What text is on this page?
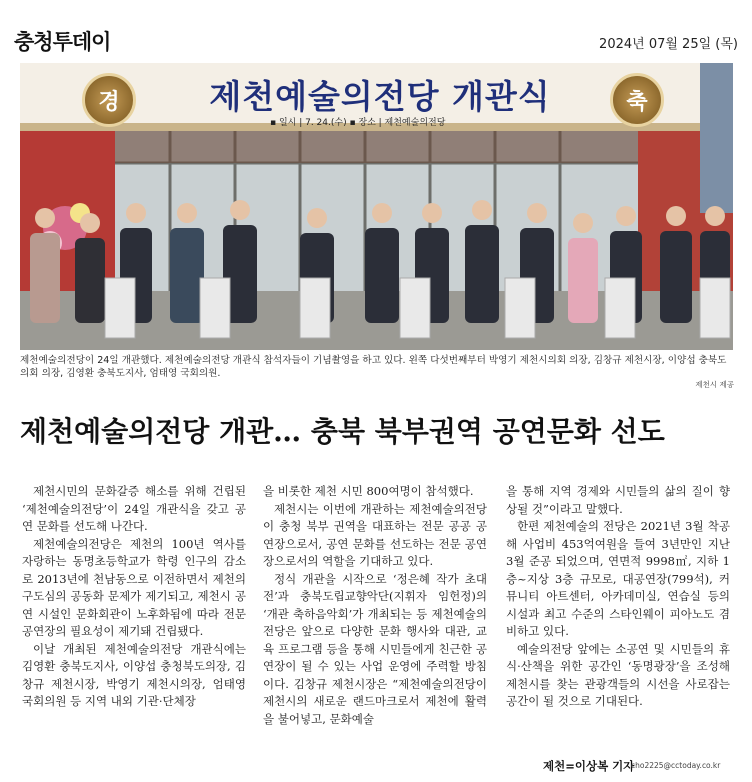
충청투데이	2024년 07월 25일 (목)
경	제천예술의전당 개관식
▪ 일시 | 7. 24.(수) ▪ 장소 | 제천예술의전당
축
제천예술의전당이 24일 개관했다. 제천예술의전당 개관식 참석자들이 기념촬영을 하고 있다. 왼쪽 다섯번째부터 박영기 제천시의회 의장, 김창규 제천시장, 이양섭 충북도의회 의장, 김영환 충북도지사, 엄태영 국회의원.
제천시 제공
제천예술의전당 개관… 충북 북부권역 공연문화 선도

제천시민의 문화갈증 해소를 위해 건립된 ‘제천예술의전당’이 24일 개관식을 갖고 공연 문화를 선도해 나간다.

제천예술의전당은 제천의 100년 역사를 자랑하는 동명초등학교가 학령 인구의 감소로 2013년에 천남동으로 이전하면서 제천의 구도심의 공동화 문제가 제기되고, 제천시 공연 시설인 문화회관이 노후화됨에 따라 전문 공연장의 필요성이 제기돼 건립됐다.

이날 개최된 제천예술의전당 개관식에는 김영환 충북도지사, 이양섭 충청북도의장, 김창규 제천시장, 박영기 제천시의장, 엄태영 국회의원 등 지역 내외 기관·단체장

을 비롯한 제천 시민 800여명이 참석했다.

제천시는 이번에 개관하는 제천예술의전당이 충청 북부 권역을 대표하는 전문 공공 공연장으로서, 공연 문화를 선도하는 전문 공연장으로서의 역할을 기대하고 있다.

정식 개관을 시작으로 ‘정은혜 작가 초대전’과 충북도립교향악단(지휘자 임헌정)의 ‘개관 축하음악회’가 개최되는 등 제천예술의전당은 앞으로 다양한 문화 행사와 대관, 교육 프로그램 등을 통해 시민들에게 친근한 공연장이 될 수 있는 사업 운영에 주력할 방침이다. 김창규 제천시장은 “제천예술의전당이 제천시의 새로운 랜드마크로서 제천에 활력을 불어넣고, 문화예술

을 통해 지역 경제와 시민들의 삶의 질이 향상될 것”이라고 말했다.

한편 제천예술의 전당은 2021년 3월 착공해 사업비 453억여원을 들여 3년만인 지난 3월 준공 되었으며, 연면적 9998㎡, 지하 1층~지상 3층 규모로, 대공연장(799석), 커뮤니티 아트센터, 아카데미실, 연습실 등의 시설과 최고 수준의 스타인웨이 피아노도 겸비하고 있다.

예술의전당 앞에는 소공연 및 시민들의 휴식·산책을 위한 공간인 ‘동명광장’을 조성해 제천시를 찾는 관광객들의 시선을 사로잡는 공간이 될 것으로 기대된다.

제천=이상복 기자
cho2225@cctoday.co.kr
